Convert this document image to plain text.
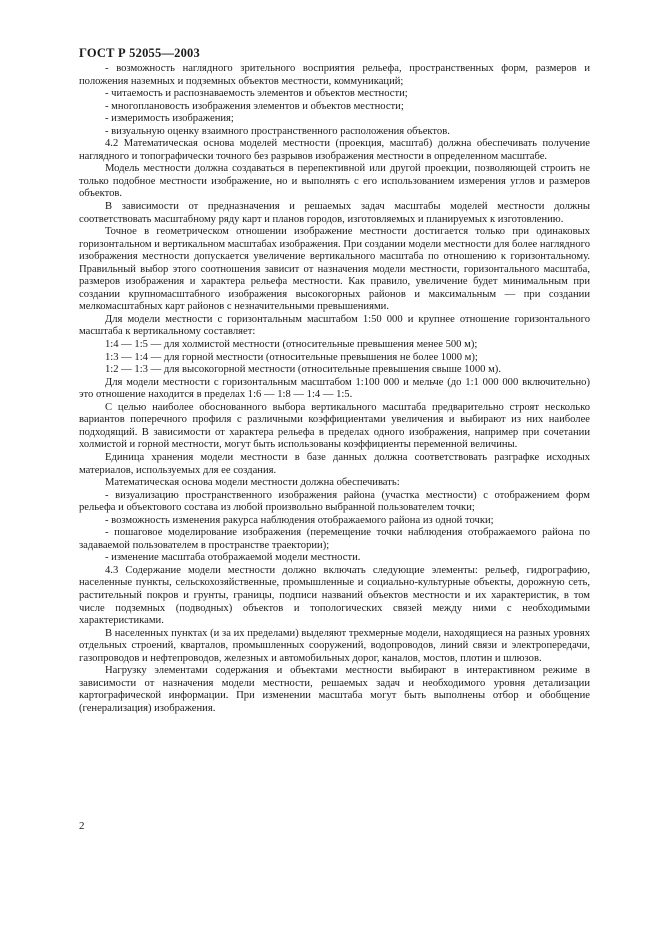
ГОСТ Р 52055—2003

- возможность наглядного зрительного восприятия рельефа, пространственных форм, размеров и положения наземных и подземных объектов местности, коммуникаций;

- читаемость и распознаваемость элементов и объектов местности;

- многоплановость изображения элементов и объектов местности;

- измеримость изображения;

- визуальную оценку взаимного пространственного расположения объектов.

4.2 Математическая основа моделей местности (проекция, масштаб) должна обеспечивать получение наглядного и топографически точного без разрывов изображения местности в определенном масштабе.

Модель местности должна создаваться в перепективной или другой проекции, позволяющей строить не только подобное местности изображение, но и выполнять с его использованием измерения углов и размеров объектов.

В зависимости от предназначения и решаемых задач масштабы моделей местности должны соответствовать масштабному ряду карт и планов городов, изготовляемых и планируемых к изготовлению.

Точное в геометрическом отношении изображение местности достигается только при одинаковых горизонтальном и вертикальном масштабах изображения. При создании модели местности для более наглядного изображения местности допускается увеличение вертикального масштаба по отношению к горизонтальному. Правильный выбор этого соотношения зависит от назначения модели местности, горизонтального масштаба, размеров изображения и характера рельефа местности. Как правило, увеличение будет минимальным при создании крупномасштабного изображения высокогорных районов и максимальным — при создании мелкомасштабных карт районов с незначительными превышениями.

Для модели местности с горизонтальным масштабом 1:50 000 и крупнее отношение горизонтального масштаба к вертикальному составляет:

1:4 — 1:5 — для холмистой местности (относительные превышения менее 500 м);

1:3 — 1:4 — для горной местности (относительные превышения не более 1000 м);

1:2 — 1:3 — для высокогорной местности (относительные превышения свыше 1000 м).

Для модели местности с горизонтальным масштабом 1:100 000 и мельче (до 1:1 000 000 включительно) это отношение находится в пределах 1:6 — 1:8 — 1:4 — 1:5.

С целью наиболее обоснованного выбора вертикального масштаба предварительно строят несколько вариантов поперечного профиля с различными коэффициентами увеличения и выбирают из них наиболее подходящий. В зависимости от характера рельефа в пределах одного изображения, например при сочетании холмистой и горной местности, могут быть использованы коэффициенты переменной величины.

Единица хранения модели местности в базе данных должна соответствовать разграфке исходных материалов, используемых для ее создания.

Математическая основа модели местности должна обеспечивать:

- визуализацию пространственного изображения района (участка местности) с отображением форм рельефа и объектового состава из любой произвольно выбранной пользователем точки;

- возможность изменения ракурса наблюдения отображаемого района из одной точки;

- пошаговое моделирование изображения (перемещение точки наблюдения отображаемого района по задаваемой пользователем в пространстве траектории);

- изменение масштаба отображаемой модели местности.

4.3 Содержание модели местности должно включать следующие элементы: рельеф, гидрографию, населенные пункты, сельскохозяйственные, промышленные и социально-культурные объекты, дорожную сеть, растительный покров и грунты, границы, подписи названий объектов местности и их характеристик, в том числе подземных (подводных) объектов и топологических связей между ними с необходимыми характеристиками.

В населенных пунктах (и за их пределами) выделяют трехмерные модели, находящиеся на разных уровнях отдельных строений, кварталов, промышленных сооружений, водопроводов, линий связи и электропередачи, газопроводов и нефтепроводов, железных и автомобильных дорог, каналов, мостов, плотин и шлюзов.

Нагрузку элементами содержания и объектами местности выбирают в интерактивном режиме в зависимости от назначения модели местности, решаемых задач и необходимого уровня детализации картографической информации. При изменении масштаба могут быть выполнены отбор и обобщение (генерализация) изображения.

2
